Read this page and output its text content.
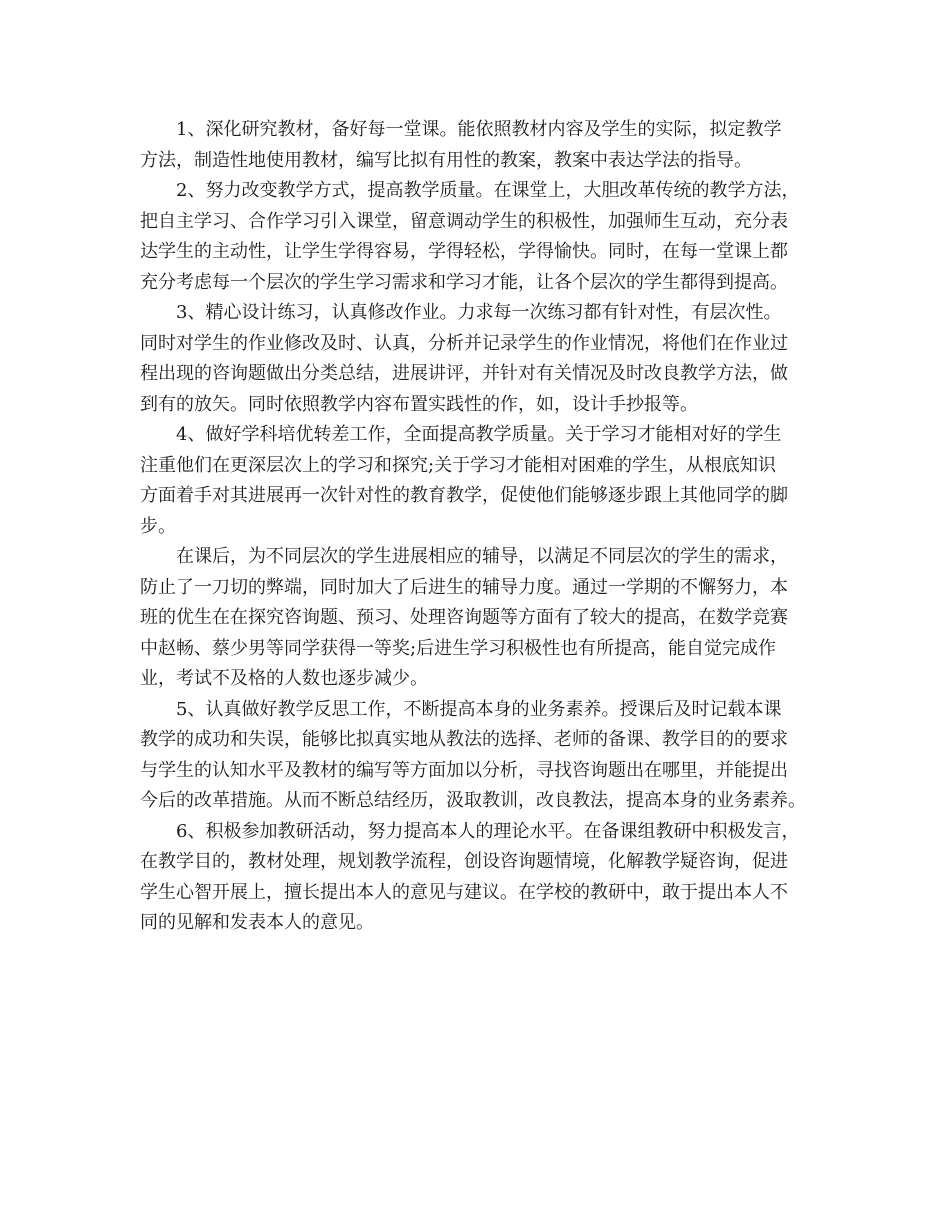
1、深化研究教材，备好每一堂课。能依照教材内容及学生的实际，拟定教学
方法，制造性地使用教材，编写比拟有用性的教案，教案中表达学法的指导。
2、努力改变教学方式，提高教学质量。在课堂上，大胆改革传统的教学方法，
把自主学习、合作学习引入课堂，留意调动学生的积极性，加强师生互动，充分表
达学生的主动性，让学生学得容易，学得轻松，学得愉快。同时，在每一堂课上都
充分考虑每一个层次的学生学习需求和学习才能，让各个层次的学生都得到提高。
3、精心设计练习，认真修改作业。力求每一次练习都有针对性，有层次性。
同时对学生的作业修改及时、认真，分析并记录学生的作业情况，将他们在作业过
程出现的咨询题做出分类总结，进展讲评，并针对有关情况及时改良教学方法，做
到有的放矢。同时依照教学内容布置实践性的作，如，设计手抄报等。
4、做好学科培优转差工作，全面提高教学质量。关于学习才能相对好的学生
注重他们在更深层次上的学习和探究;关于学习才能相对困难的学生，从根底知识
方面着手对其进展再一次针对性的教育教学，促使他们能够逐步跟上其他同学的脚
步。
在课后，为不同层次的学生进展相应的辅导，以满足不同层次的学生的需求，
防止了一刀切的弊端，同时加大了后进生的辅导力度。通过一学期的不懈努力，本
班的优生在在探究咨询题、预习、处理咨询题等方面有了较大的提高，在数学竞赛
中赵畅、蔡少男等同学获得一等奖;后进生学习积极性也有所提高，能自觉完成作
业，考试不及格的人数也逐步减少。
5、认真做好教学反思工作，不断提高本身的业务素养。授课后及时记载本课
教学的成功和失误，能够比拟真实地从教法的选择、老师的备课、教学目的的要求
与学生的认知水平及教材的编写等方面加以分析，寻找咨询题出在哪里，并能提出
今后的改革措施。从而不断总结经历，汲取教训，改良教法，提高本身的业务素养。
6、积极参加教研活动，努力提高本人的理论水平。在备课组教研中积极发言，
在教学目的，教材处理，规划教学流程，创设咨询题情境，化解教学疑咨询，促进
学生心智开展上，擅长提出本人的意见与建议。在学校的教研中，敢于提出本人不
同的见解和发表本人的意见。
